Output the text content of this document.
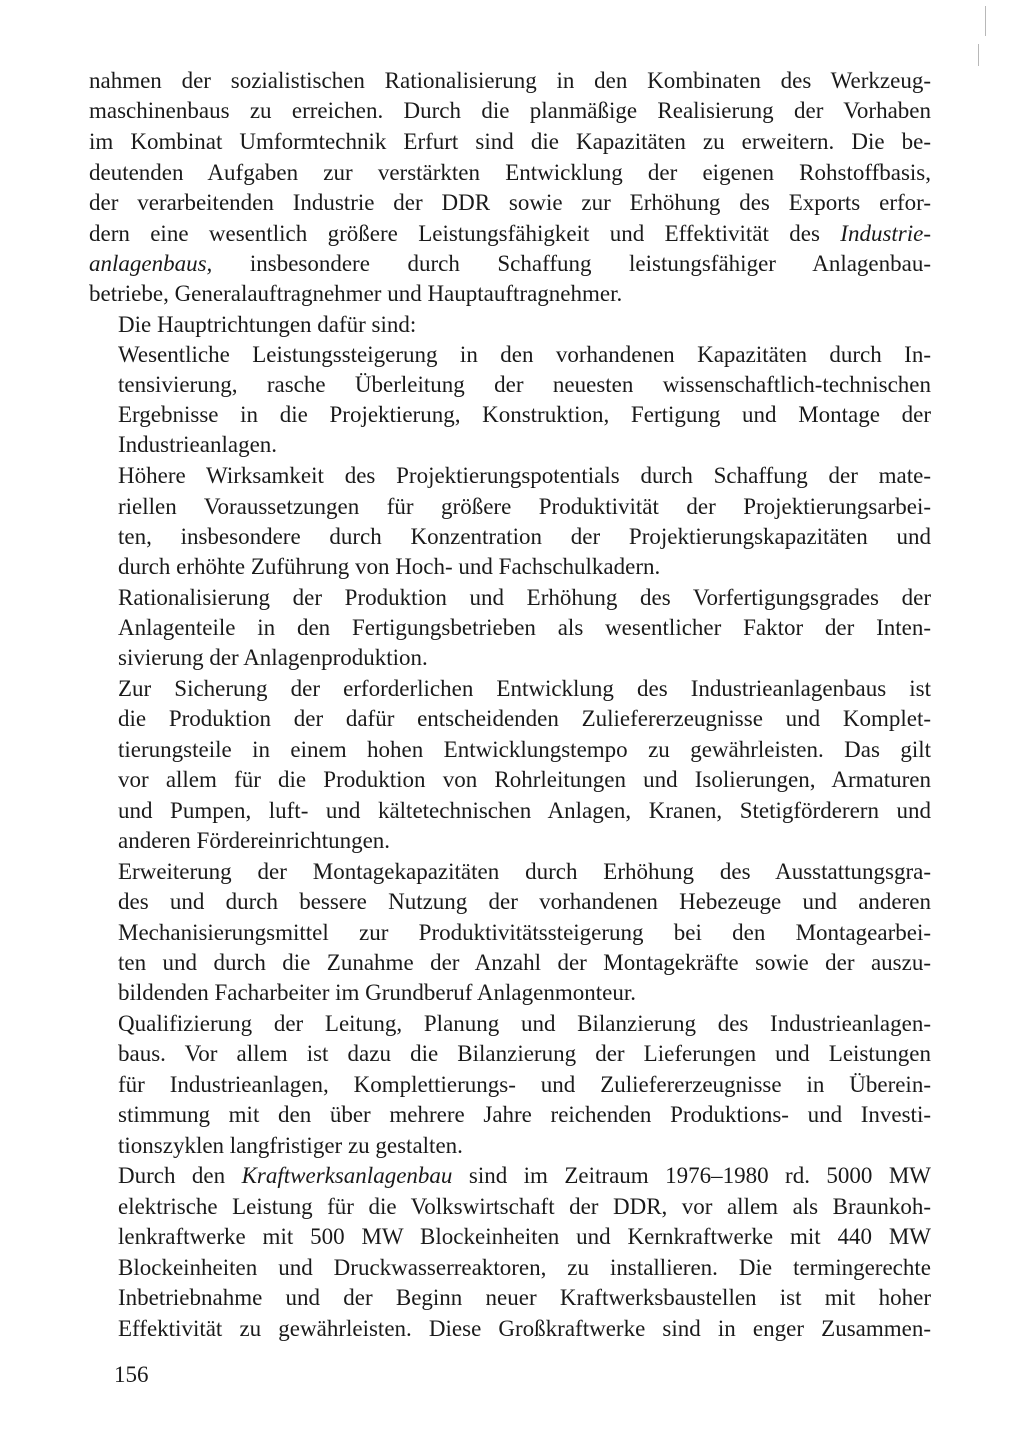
nahmen der sozialistischen Rationalisierung in den Kombinaten des Werkzeug-
maschinenbaus zu erreichen. Durch die planmäßige Realisierung der Vorhaben
im Kombinat Umformtechnik Erfurt sind die Kapazitäten zu erweitern. Die be-
deutenden Aufgaben zur verstärkten Entwicklung der eigenen Rohstoffbasis,
der verarbeitenden Industrie der DDR sowie zur Erhöhung des Exports erfor-
dern eine wesentlich größere Leistungsfähigkeit und Effektivität des Industrie-
anlagenbaus, insbesondere durch Schaffung leistungsfähiger Anlagenbau-
betriebe, Generalauftragnehmer und Hauptauftragnehmer.
Die Hauptrichtungen dafür sind:
Wesentliche Leistungssteigerung in den vorhandenen Kapazitäten durch In-
tensivierung, rasche Überleitung der neuesten wissenschaftlich-technischen
Ergebnisse in die Projektierung, Konstruktion, Fertigung und Montage der
Industrieanlagen.
Höhere Wirksamkeit des Projektierungspotentials durch Schaffung der mate-
riellen Voraussetzungen für größere Produktivität der Projektierungsarbei-
ten, insbesondere durch Konzentration der Projektierungskapazitäten und
durch erhöhte Zuführung von Hoch- und Fachschulkadern.
Rationalisierung der Produktion und Erhöhung des Vorfertigungsgrades der
Anlagenteile in den Fertigungsbetrieben als wesentlicher Faktor der Inten-
sivierung der Anlagenproduktion.
Zur Sicherung der erforderlichen Entwicklung des Industrieanlagenbaus ist
die Produktion der dafür entscheidenden Zuliefererzeugnisse und Komplet-
tierungsteile in einem hohen Entwicklungstempo zu gewährleisten. Das gilt
vor allem für die Produktion von Rohrleitungen und Isolierungen, Armaturen
und Pumpen, luft- und kältetechnischen Anlagen, Kranen, Stetigförderern und
anderen Fördereinrichtungen.
Erweiterung der Montagekapazitäten durch Erhöhung des Ausstattungsgra-
des und durch bessere Nutzung der vorhandenen Hebezeuge und anderen
Mechanisierungsmittel zur Produktivitätssteigerung bei den Montagearbei-
ten und durch die Zunahme der Anzahl der Montagekräfte sowie der auszu-
bildenden Facharbeiter im Grundberuf Anlagenmonteur.
Qualifizierung der Leitung, Planung und Bilanzierung des Industrieanlagen-
baus. Vor allem ist dazu die Bilanzierung der Lieferungen und Leistungen
für Industrieanlagen, Komplettierungs- und Zuliefererzeugnisse in Überein-
stimmung mit den über mehrere Jahre reichenden Produktions- und Investi-
tionszyklen langfristiger zu gestalten.
Durch den Kraftwerksanlagenbau sind im Zeitraum 1976–1980 rd. 5000 MW
elektrische Leistung für die Volkswirtschaft der DDR, vor allem als Braunkoh-
lenkraftwerke mit 500 MW Blockeinheiten und Kernkraftwerke mit 440 MW
Blockeinheiten und Druckwasserreaktoren, zu installieren. Die termingerechte
Inbetriebnahme und der Beginn neuer Kraftwerksbaustellen ist mit hoher
Effektivität zu gewährleisten. Diese Großkraftwerke sind in enger Zusammen-
156
